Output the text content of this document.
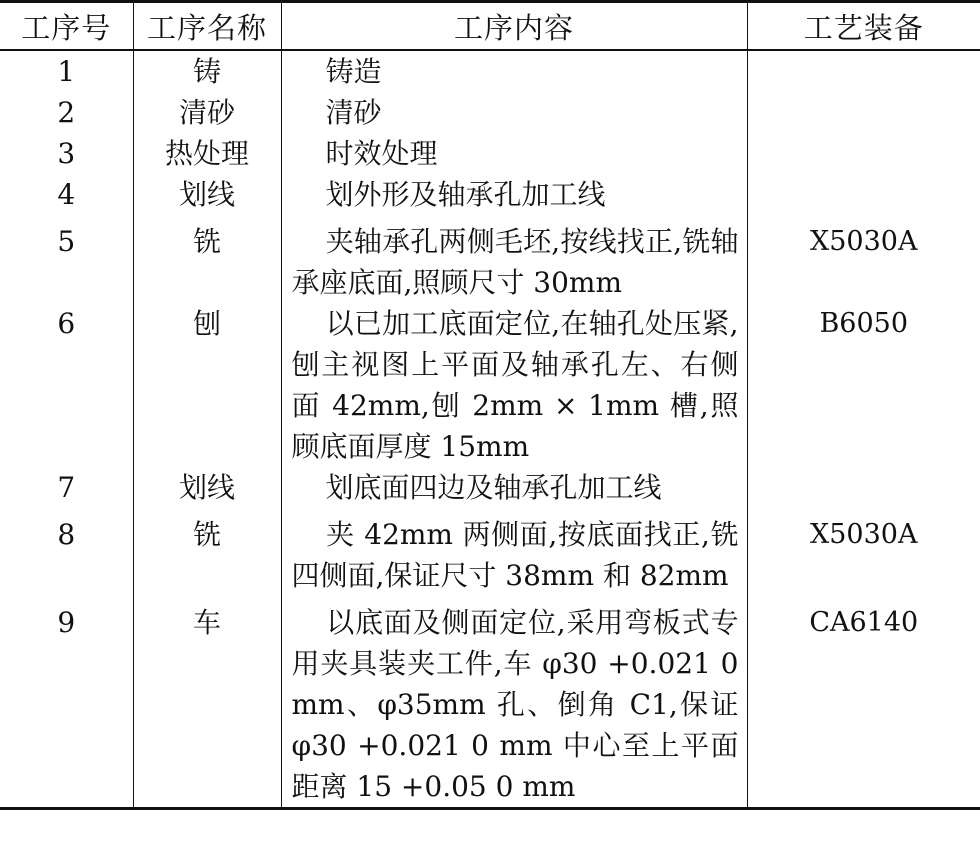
工序号	工序名称	工序内容	工艺装备
1	铸	铸造	
2	清砂	清砂	
3	热处理	时效处理	
4	划线	划外形及轴承孔加工线	
5	铣	夹轴承孔两侧毛坯,按线找正,铣轴承座底面,照顾尺寸 30mm	X5030A
6	刨	以已加工底面定位,在轴孔处压紧,刨主视图上平面及轴承孔左、右侧面 42mm,刨 2mm × 1mm 槽,照顾底面厚度 15mm	B6050
7	划线	划底面四边及轴承孔加工线	
8	铣	夹 42mm 两侧面,按底面找正,铣四侧面,保证尺寸 38mm 和 82mm	X5030A
9	车	以底面及侧面定位,采用弯板式专用夹具装夹工件,车 φ30 +0.021 0 mm、φ35mm 孔、倒角 C1,保证 φ30 +0.021 0 mm 中心至上平面距离 15 +0.05 0 mm	CA6140
